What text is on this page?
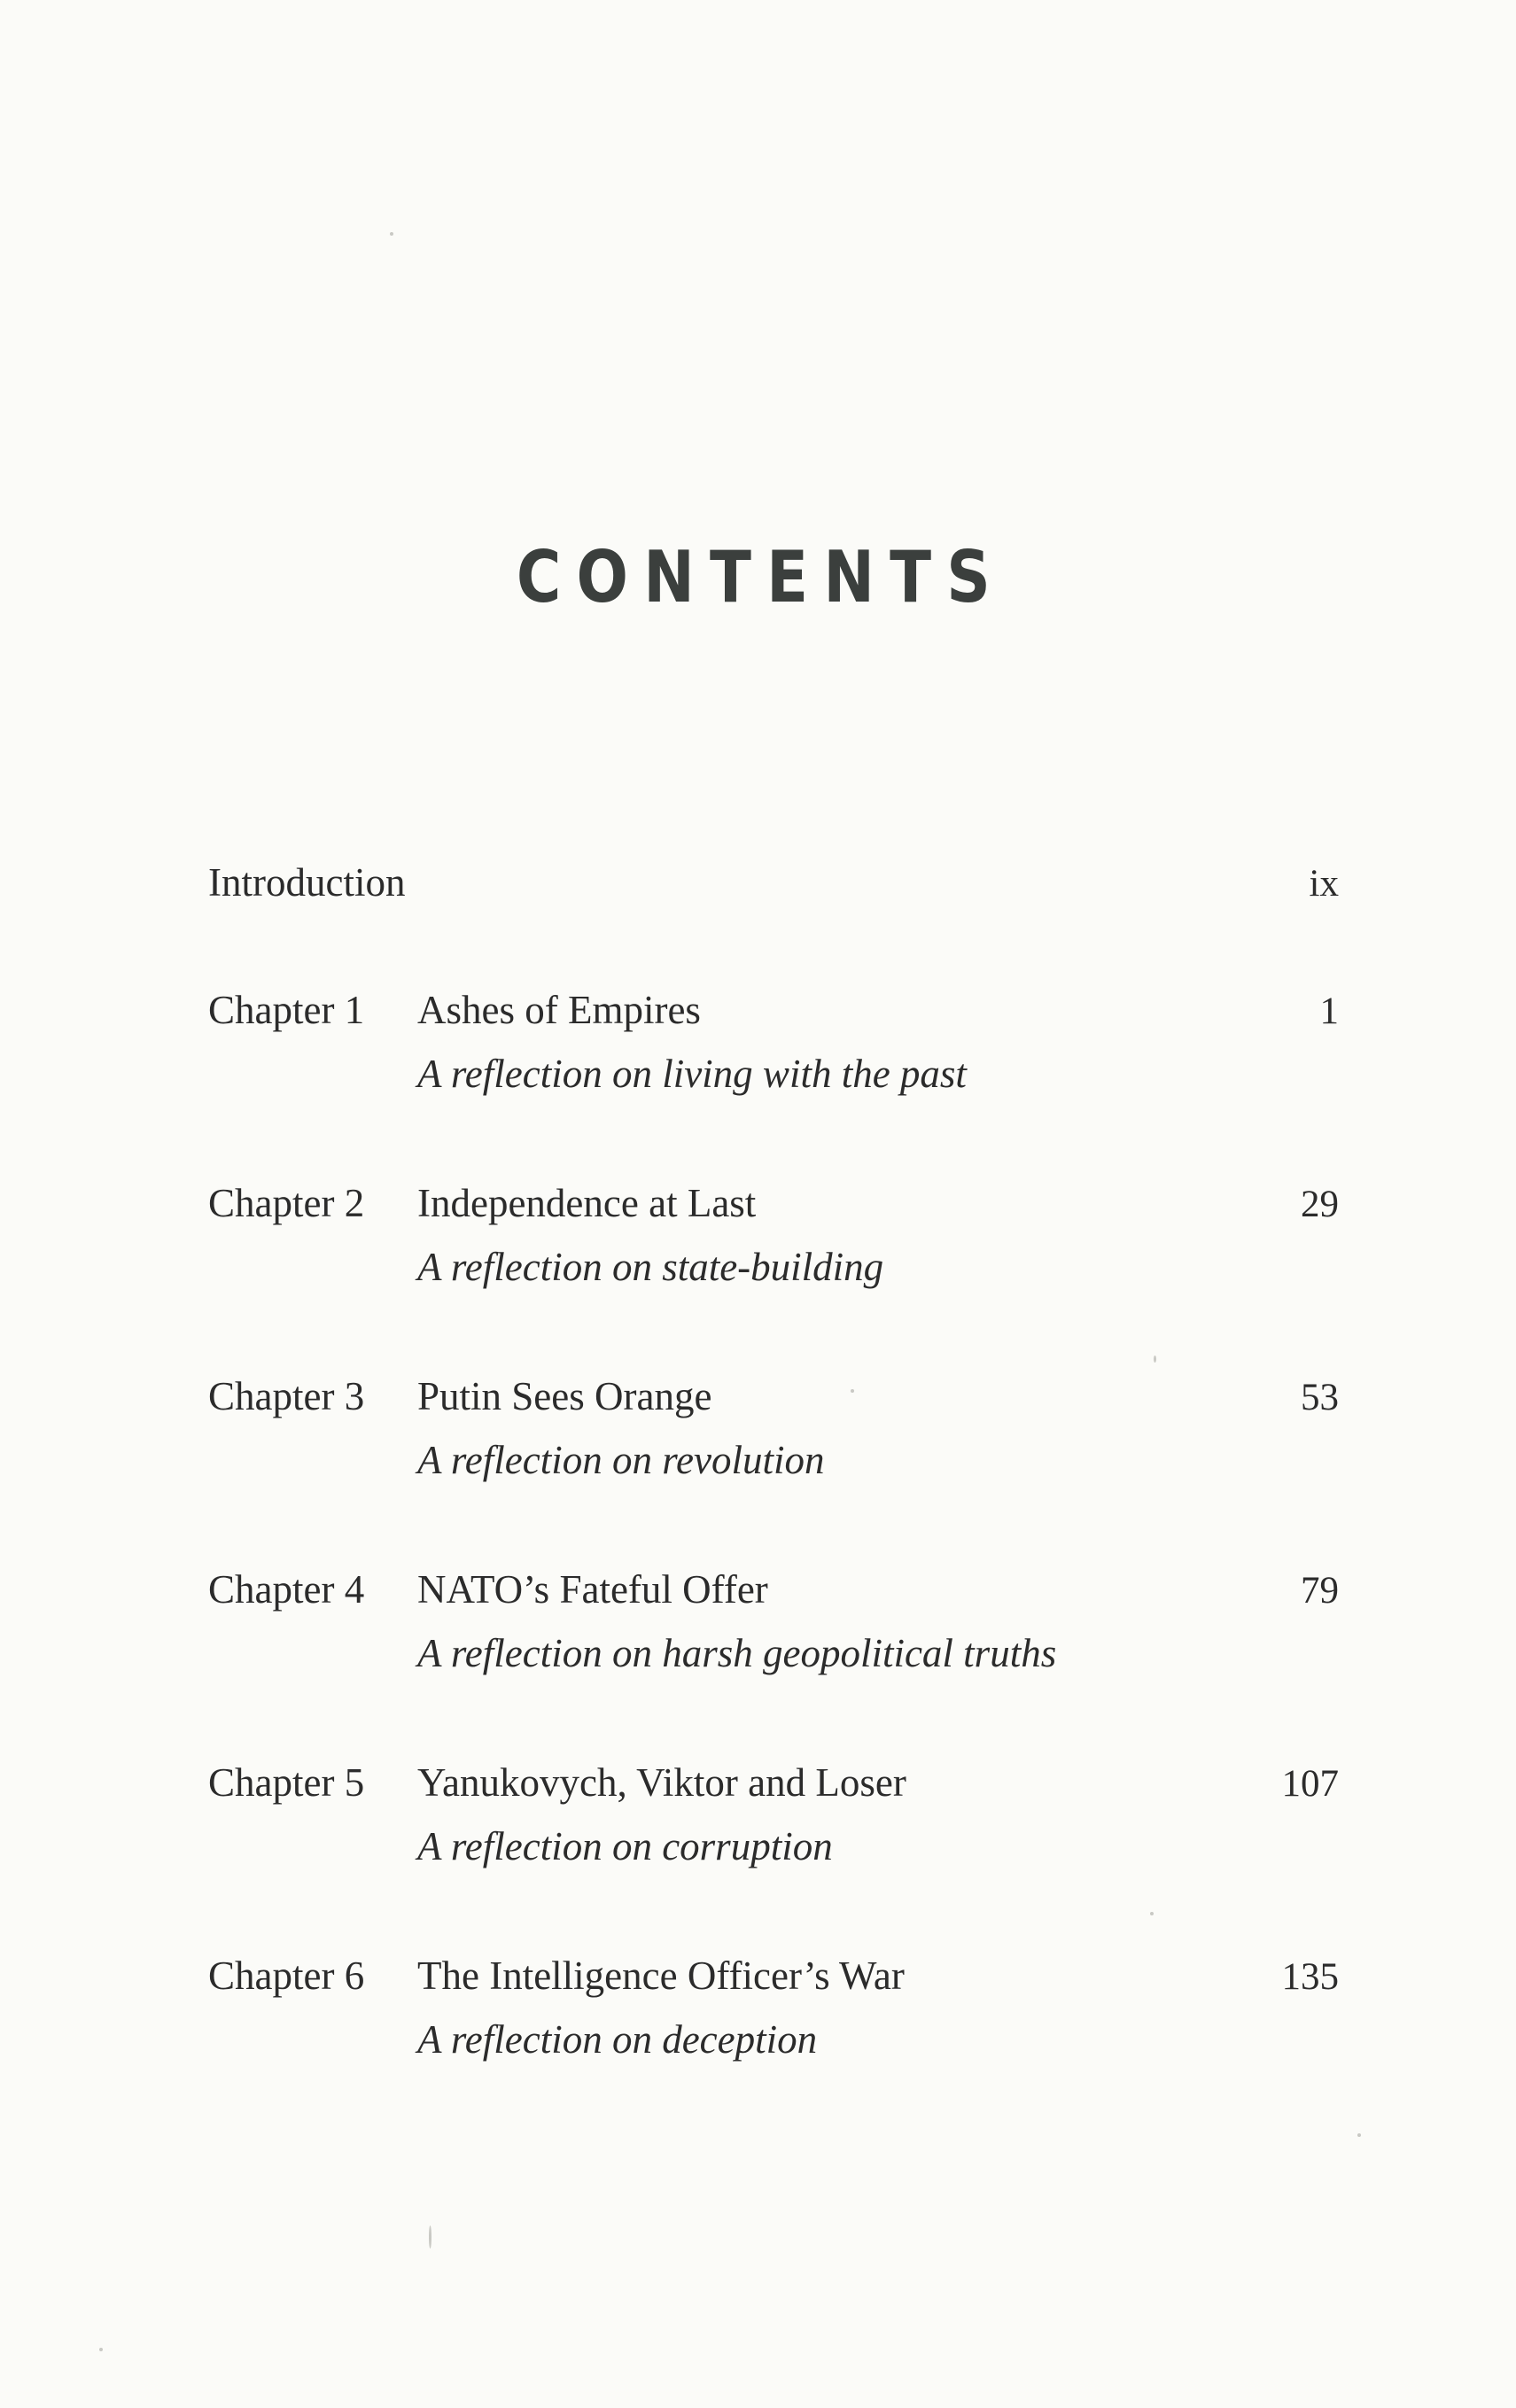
CONTENTS
Introduction	ix
Chapter 1 Ashes of Empires
A reflection on living with the past
1
Chapter 2 Independence at Last
A reflection on state-building
29
Chapter 3 Putin Sees Orange
A reflection on revolution
53
Chapter 4 NATO’s Fateful Offer
A reflection on harsh geopolitical truths
79
Chapter 5 Yanukovych, Viktor and Loser
A reflection on corruption
107
Chapter 6 The Intelligence Officer’s War
A reflection on deception
135
